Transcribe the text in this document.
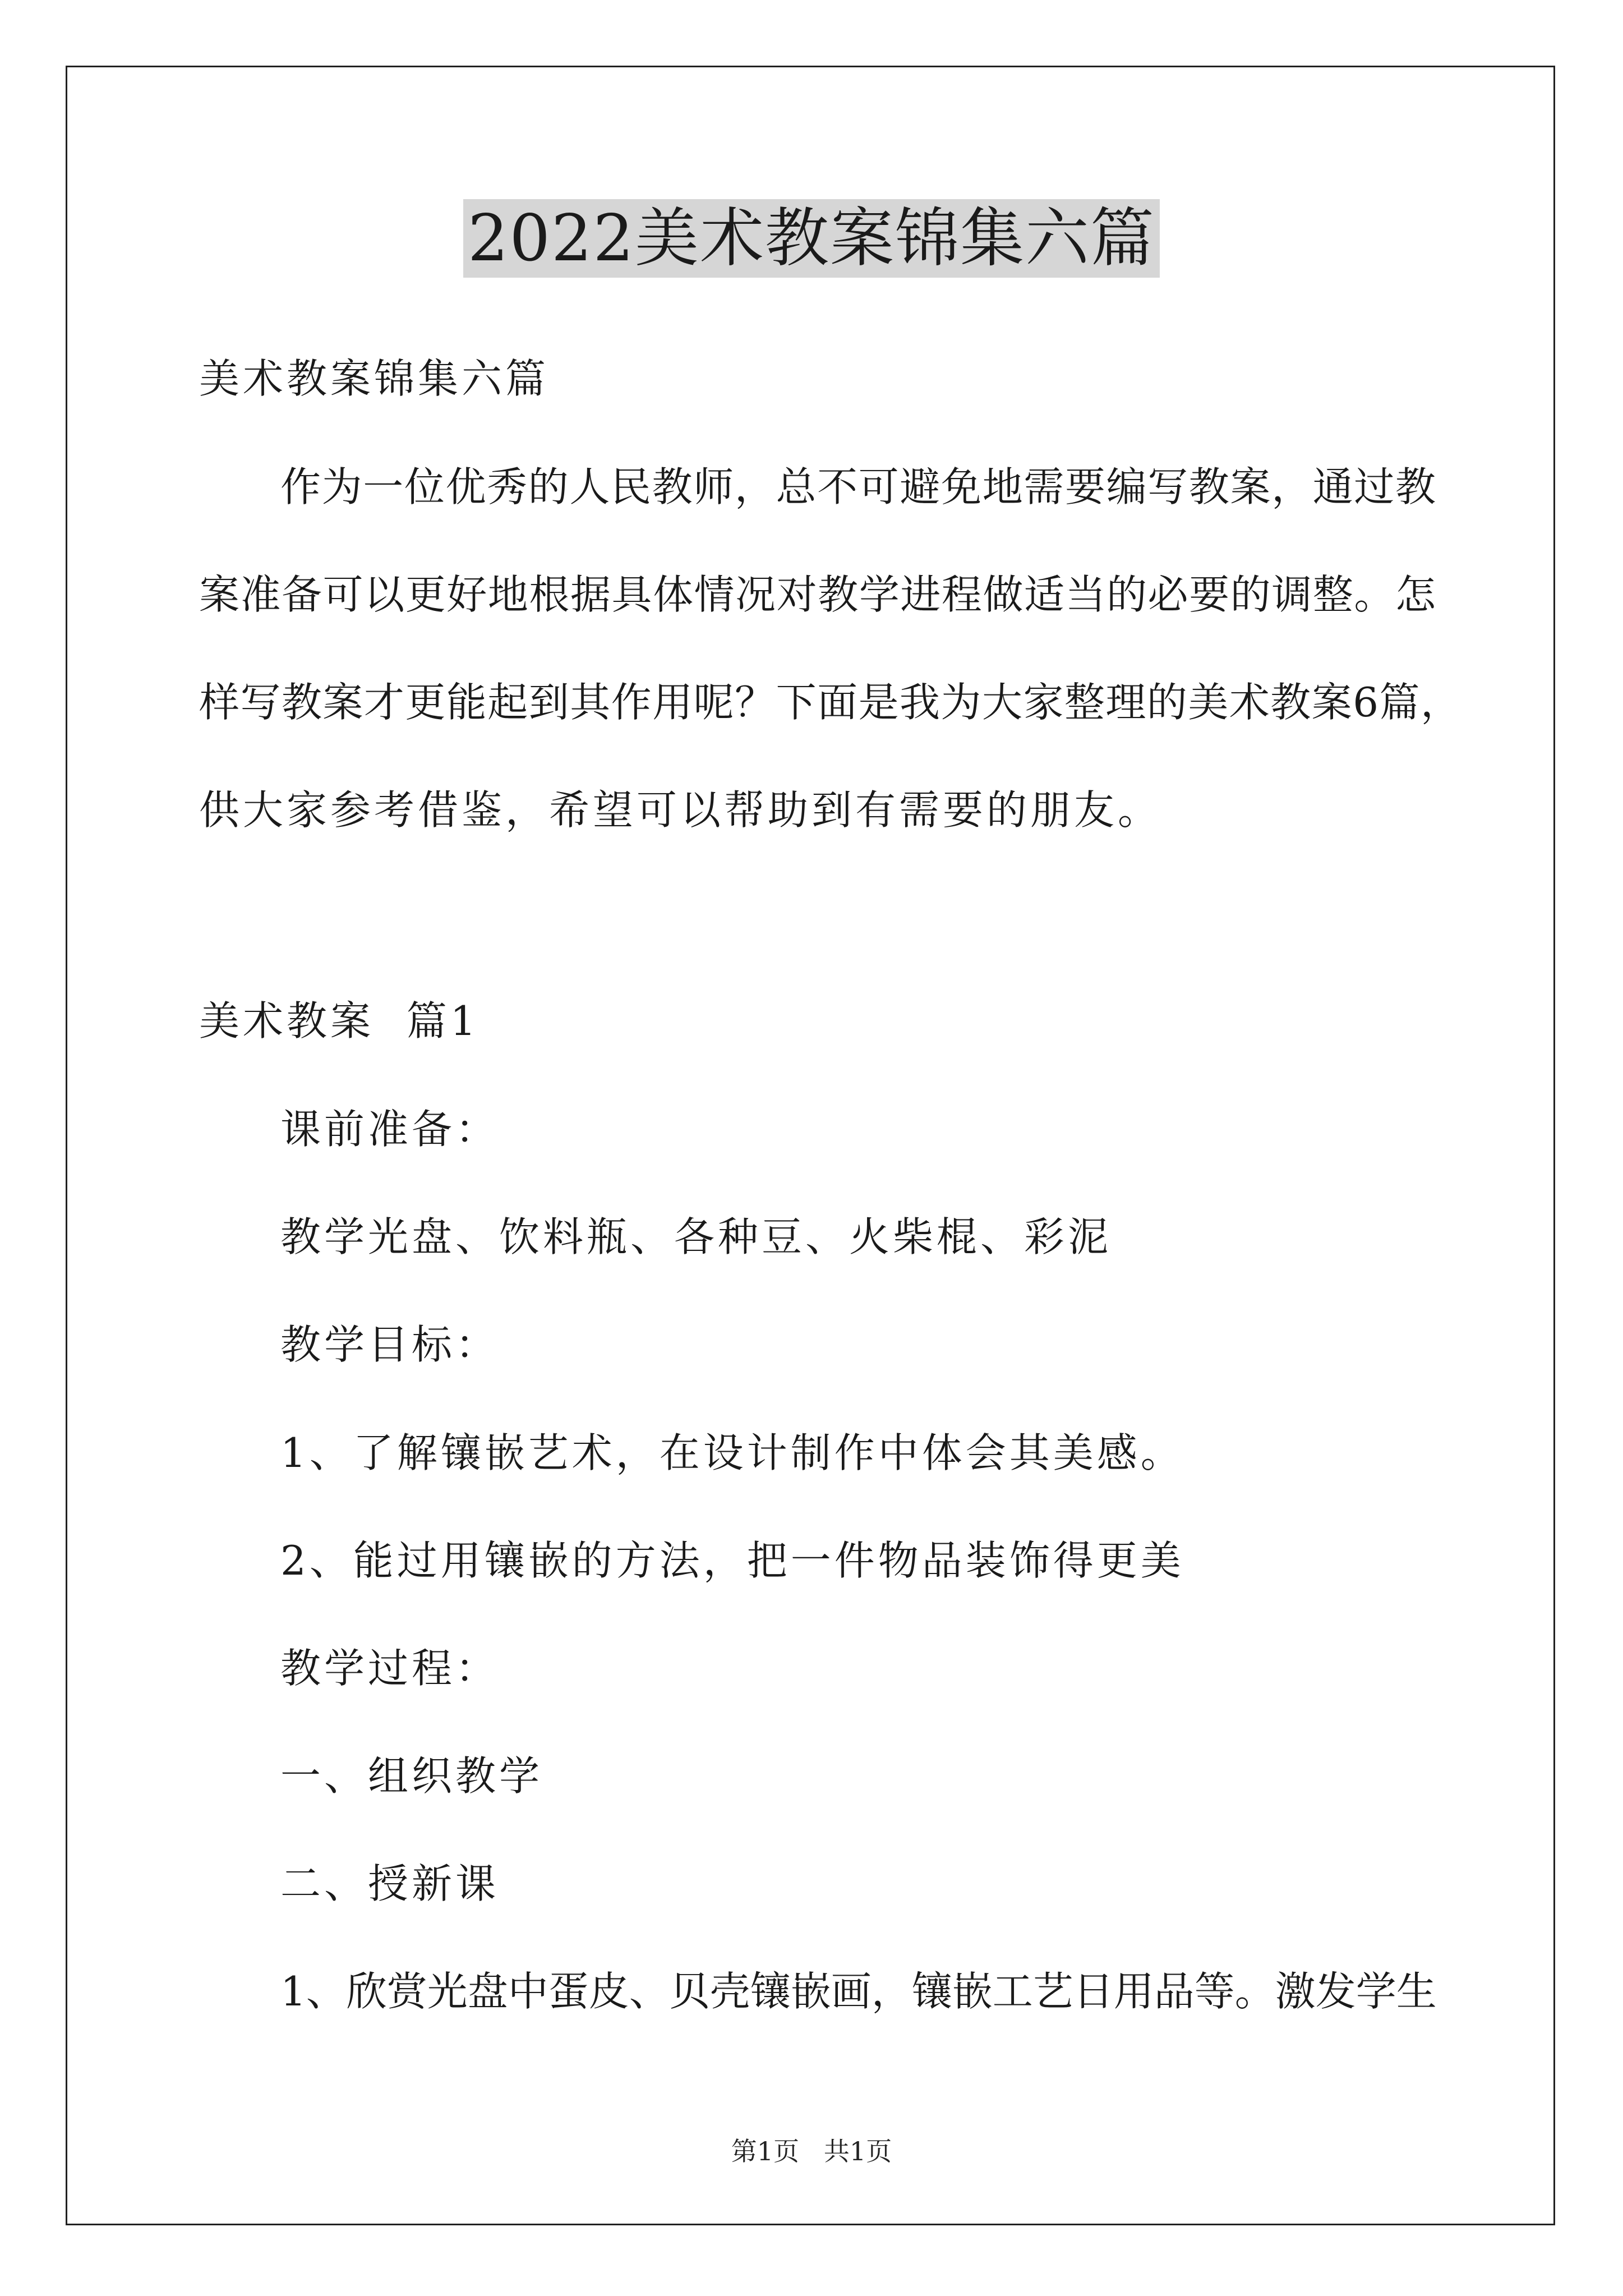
2022美术教案锦集六篇
美术教案锦集六篇
作为一位优秀的人民教师，总不可避免地需要编写教案，通过教
案准备可以更好地根据具体情况对教学进程做适当的必要的调整。怎
样写教案才更能起到其作用呢？下面是我为大家整理的美术教案6篇，
供大家参考借鉴，希望可以帮助到有需要的朋友。
美术教案  篇1
课前准备：
教学光盘、饮料瓶、各种豆、火柴棍、彩泥
教学目标：
1、了解镶嵌艺术，在设计制作中体会其美感。
2、能过用镶嵌的方法，把一件物品装饰得更美
教学过程：
一、组织教学
二、授新课
1、欣赏光盘中蛋皮、贝壳镶嵌画，镶嵌工艺日用品等。激发学生
第1页   共1页
